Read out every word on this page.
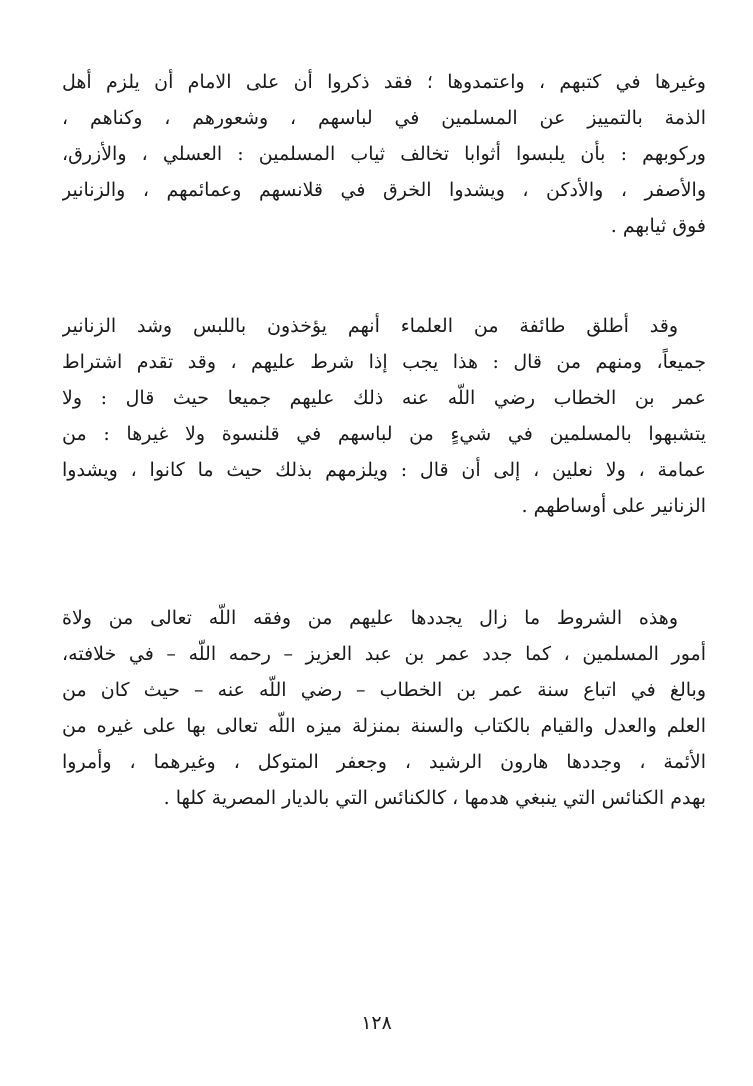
وغيرها في كتبهم ، واعتمدوها ؛ فقد ذكروا أن على الامام أن يلزم أهل
الذمة بالتمييز عن المسلمين في لباسهم ، وشعورهم ، وكناهم ،
وركوبهم : بأن يلبسوا أثوابا تخالف ثياب المسلمين : العسلي ، والأزرق،
والأصفر ، والأدكن ، ويشدوا الخرق في قلانسهم وعمائمهم ، والزنانير
فوق ثيابهم .
وقد أطلق طائفة من العلماء أنهم يؤخذون باللبس وشد الزنانير
جميعاً، ومنهم من قال : هذا يجب إذا شرط عليهم ، وقد تقدم اشتراط
عمر بن الخطاب رضي اللّه عنه ذلك عليهم جميعا حيث قال : ولا
يتشبهوا بالمسلمين في شيءٍ من لباسهم في قلنسوة ولا غيرها : من
عمامة ، ولا نعلين ، إلى أن قال : ويلزمهم بذلك حيث ما كانوا ، ويشدوا
الزنانير على أوساطهم .
وهذه الشروط ما زال يجددها عليهم من وفقه اللّه تعالى من ولاة
أمور المسلمين ، كما جدد عمر بن عبد العزيز – رحمه اللّه – في خلافته،
وبالغ في اتباع سنة عمر بن الخطاب – رضي اللّه عنه – حيث كان من
العلم والعدل والقيام بالكتاب والسنة بمنزلة ميزه اللّه تعالى بها على غيره من
الأئمة ، وجددها هارون الرشيد ، وجعفر المتوكل ، وغيرهما ، وأمروا
بهدم الكنائس التي ينبغي هدمها ، كالكنائس التي بالديار المصرية كلها .
١٢٨
